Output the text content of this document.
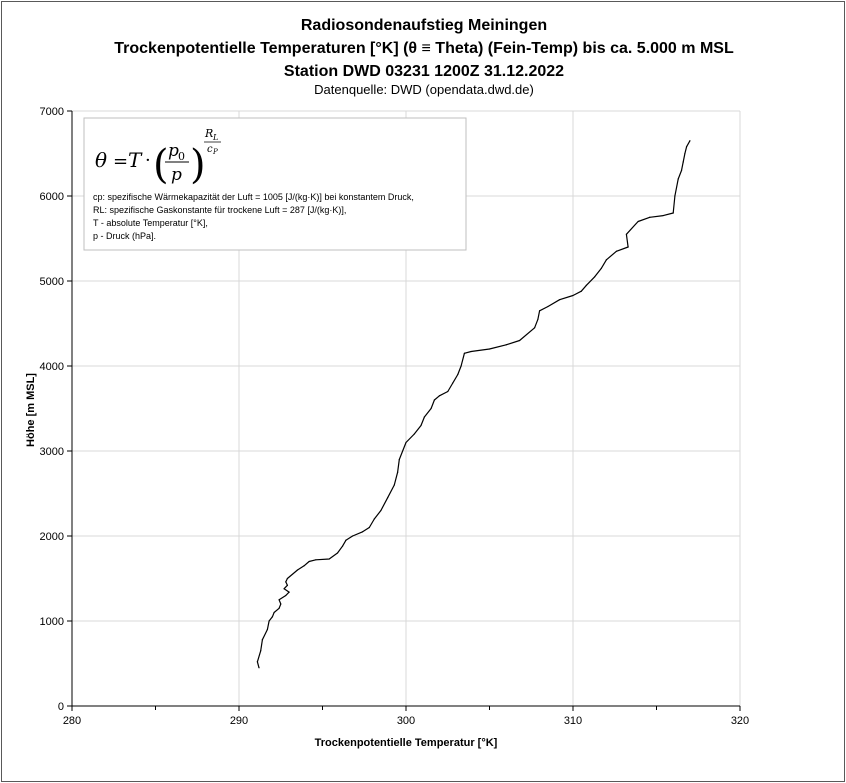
Radiosondenaufstieg Meiningen
Trockenpotentielle Temperaturen [°K] (θ ≡ Theta) (Fein-Temp) bis ca. 5.000 m MSL
Station DWD 03231 1200Z 31.12.2022
Datenquelle: DWD (opendata.dwd.de)
280	290	300	310	320
0
1000
2000
3000
4000
5000
6000
7000
Trockenpotentielle Temperatur [°K]
Höhe [m MSL]
θ = T · ( p 0
p )
R L
c P
cp: spezifische Wärmekapazität der Luft = 1005 [J/(kg·K)] bei konstantem Druck,
RL: spezifische Gaskonstante für trockene Luft = 287 [J/(kg·K)],
T - absolute Temperatur [°K],
p - Druck (hPa].
